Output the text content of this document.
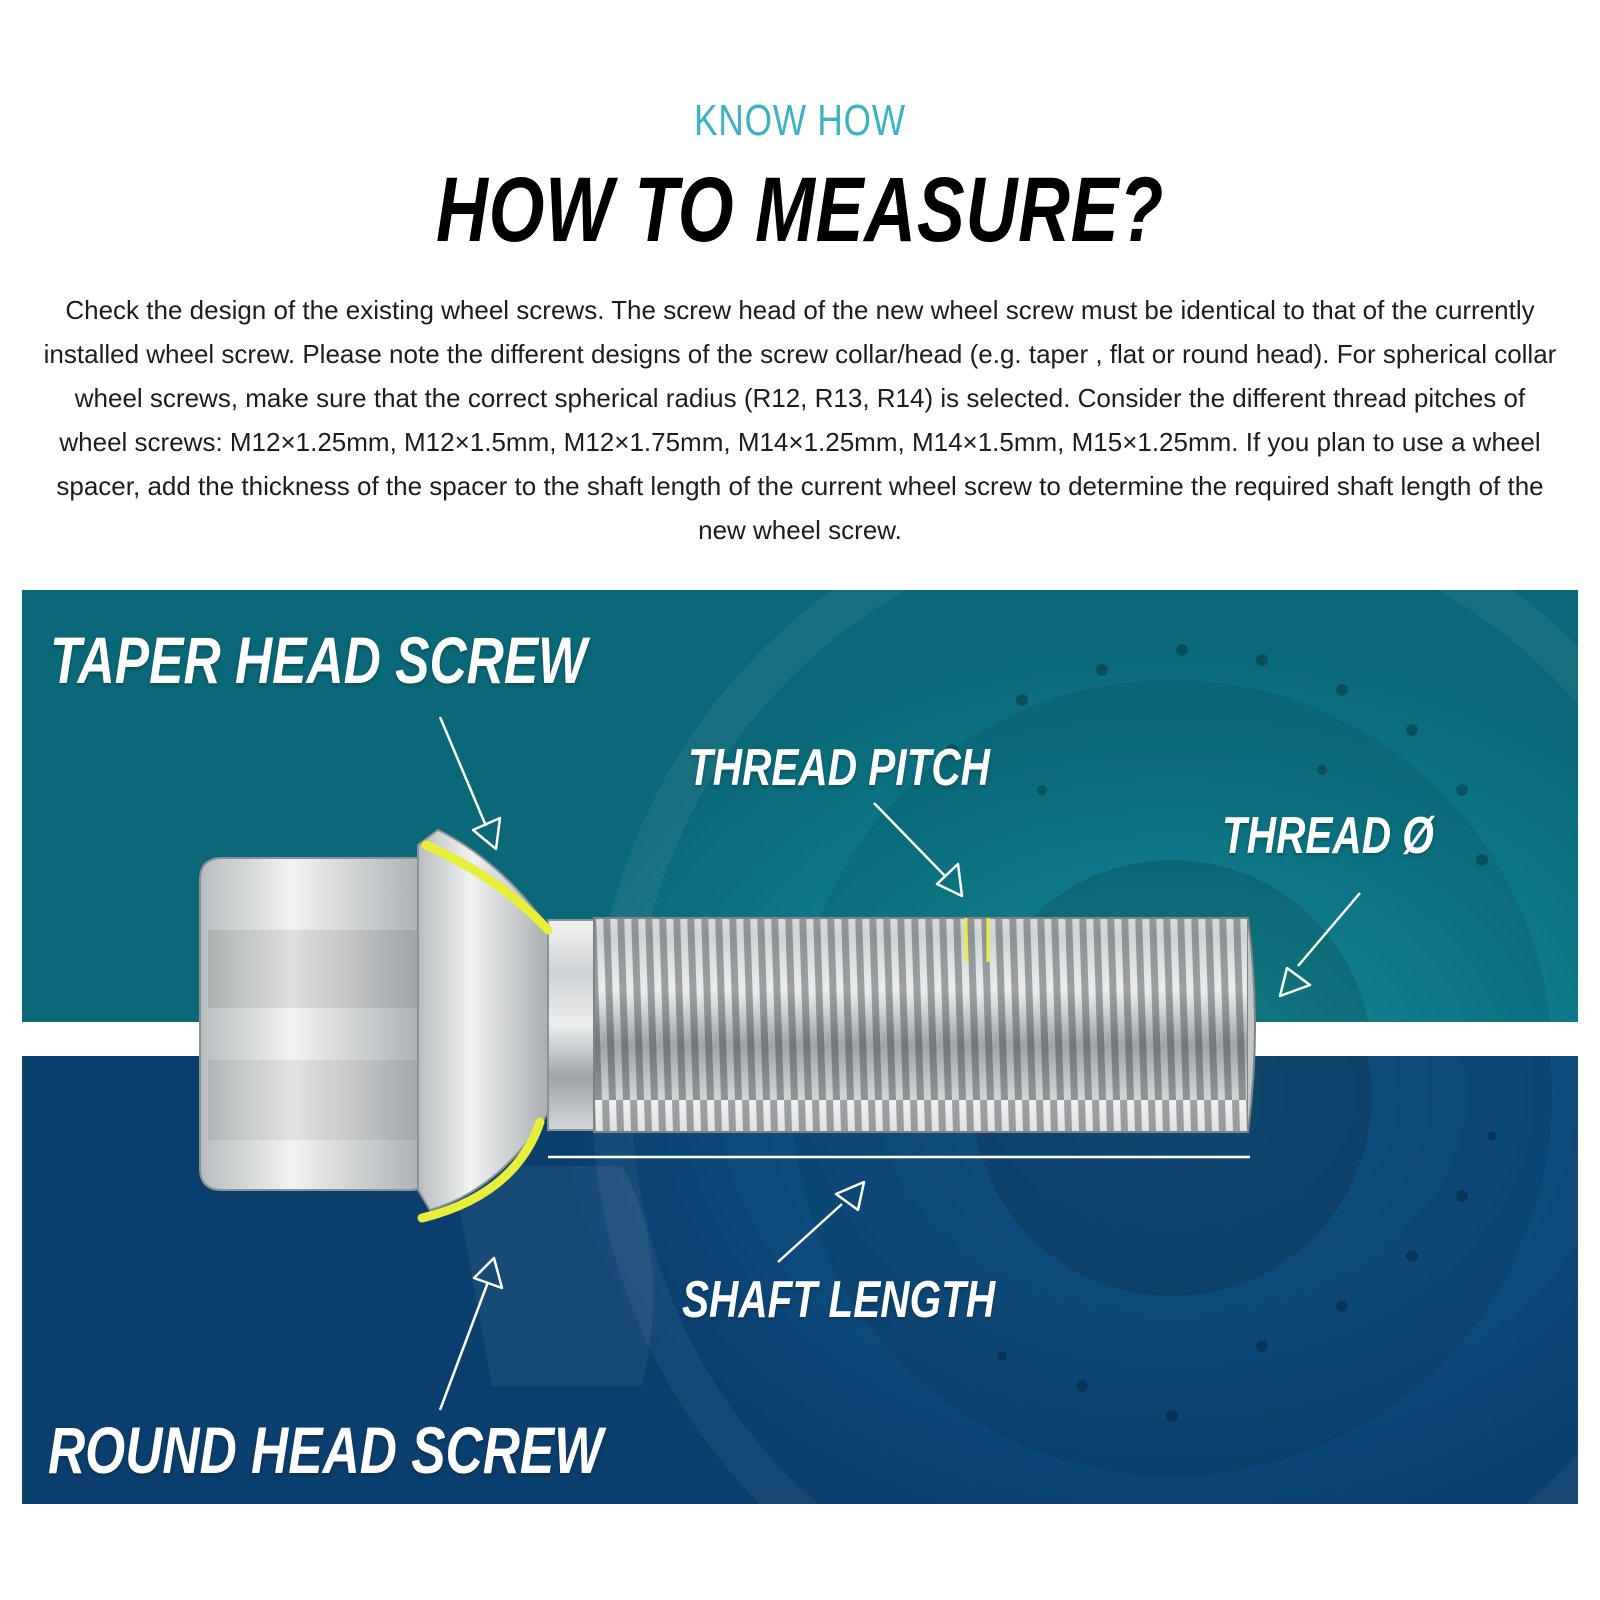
KNOW HOW
HOW TO MEASURE?

Check the design of the existing wheel screws. The screw head of the new wheel screw must be identical to that of the currently installed wheel screw. Please note the different designs of the screw collar/head (e.g. taper , flat or round head). For spherical collar wheel screws, make sure that the correct spherical radius (R12, R13, R14) is selected. Consider the different thread pitches of wheel screws: M12×1.25mm, M12×1.5mm, M12×1.75mm, M14×1.25mm, M14×1.5mm, M15×1.25mm. If you plan to use a wheel spacer, add the thickness of the spacer to the shaft length of the current wheel screw to determine the required shaft length of the new wheel screw.

TAPER HEAD SCREW
THREAD PITCH
THREAD Ø
SHAFT LENGTH
ROUND HEAD SCREW
